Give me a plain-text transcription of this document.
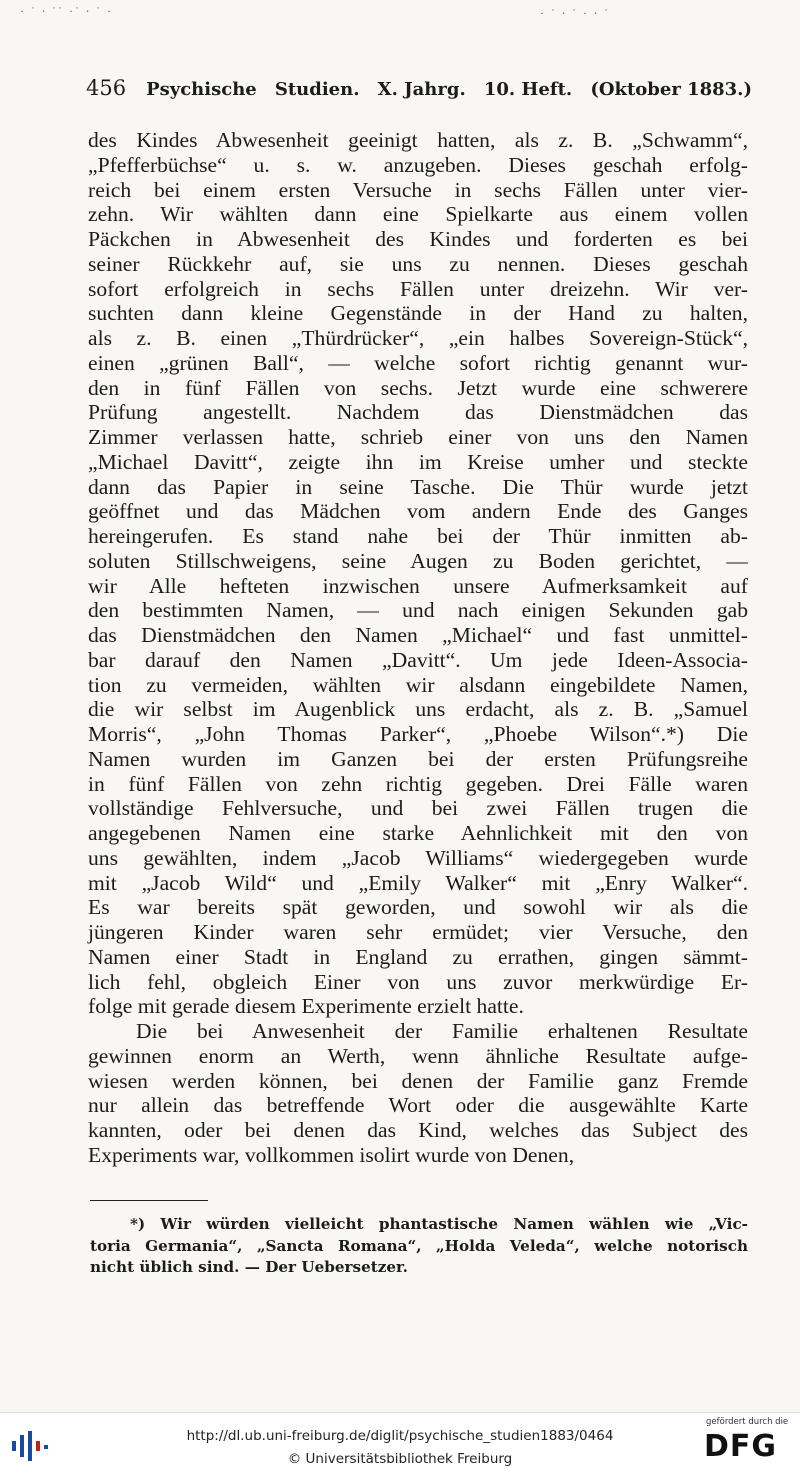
· ˙ ∙ ˙˙ ·˙ ∙ ˙ ·	· ˙ ∙ ˙ · ∙ ˙
456 Psychische Studien. X. Jahrg. 10. Heft. (Oktober 1883.)
des Kindes Abwesenheit geeinigt hatten, als z. B. „Schwamm“,
„Pfefferbüchse“ u. s. w. anzugeben. Dieses geschah erfolg-
reich bei einem ersten Versuche in sechs Fällen unter vier-
zehn. Wir wählten dann eine Spielkarte aus einem vollen
Päckchen in Abwesenheit des Kindes und forderten es bei
seiner Rückkehr auf, sie uns zu nennen. Dieses geschah
sofort erfolgreich in sechs Fällen unter dreizehn. Wir ver-
suchten dann kleine Gegenstände in der Hand zu halten,
als z. B. einen „Thürdrücker“, „ein halbes Sovereign-Stück“,
einen „grünen Ball“, — welche sofort richtig genannt wur-
den in fünf Fällen von sechs. Jetzt wurde eine schwerere
Prüfung angestellt. Nachdem das Dienstmädchen das
Zimmer verlassen hatte, schrieb einer von uns den Namen
„Michael Davitt“, zeigte ihn im Kreise umher und steckte
dann das Papier in seine Tasche. Die Thür wurde jetzt
geöffnet und das Mädchen vom andern Ende des Ganges
hereingerufen. Es stand nahe bei der Thür inmitten ab-
soluten Stillschweigens, seine Augen zu Boden gerichtet, —
wir Alle hefteten inzwischen unsere Aufmerksamkeit auf
den bestimmten Namen, — und nach einigen Sekunden gab
das Dienstmädchen den Namen „Michael“ und fast unmittel-
bar darauf den Namen „Davitt“. Um jede Ideen-Associa-
tion zu vermeiden, wählten wir alsdann eingebildete Namen,
die wir selbst im Augenblick uns erdacht, als z. B. „Samuel
Morris“, „John Thomas Parker“, „Phoebe Wilson“.*) Die
Namen wurden im Ganzen bei der ersten Prüfungsreihe
in fünf Fällen von zehn richtig gegeben. Drei Fälle waren
vollständige Fehlversuche, und bei zwei Fällen trugen die
angegebenen Namen eine starke Aehnlichkeit mit den von
uns gewählten, indem „Jacob Williams“ wiedergegeben wurde
mit „Jacob Wild“ und „Emily Walker“ mit „Enry Walker“.
Es war bereits spät geworden, und sowohl wir als die
jüngeren Kinder waren sehr ermüdet; vier Versuche, den
Namen einer Stadt in England zu errathen, gingen sämmt-
lich fehl, obgleich Einer von uns zuvor merkwürdige Er-
folge mit gerade diesem Experimente erzielt hatte.
Die bei Anwesenheit der Familie erhaltenen Resultate
gewinnen enorm an Werth, wenn ähnliche Resultate aufge-
wiesen werden können, bei denen der Familie ganz Fremde
nur allein das betreffende Wort oder die ausgewählte Karte
kannten, oder bei denen das Kind, welches das Subject des
Experiments war, vollkommen isolirt wurde von Denen,
*) Wir würden vielleicht phantastische Namen wählen wie „Vic-
toria Germania“, „Sancta Romana“, „Holda Veleda“, welche notorisch
nicht üblich sind. — Der Uebersetzer.
http://dl.ub.uni-freiburg.de/diglit/psychische_studien1883/0464
© Universitätsbibliothek Freiburg
gefördert durch die
DFG
